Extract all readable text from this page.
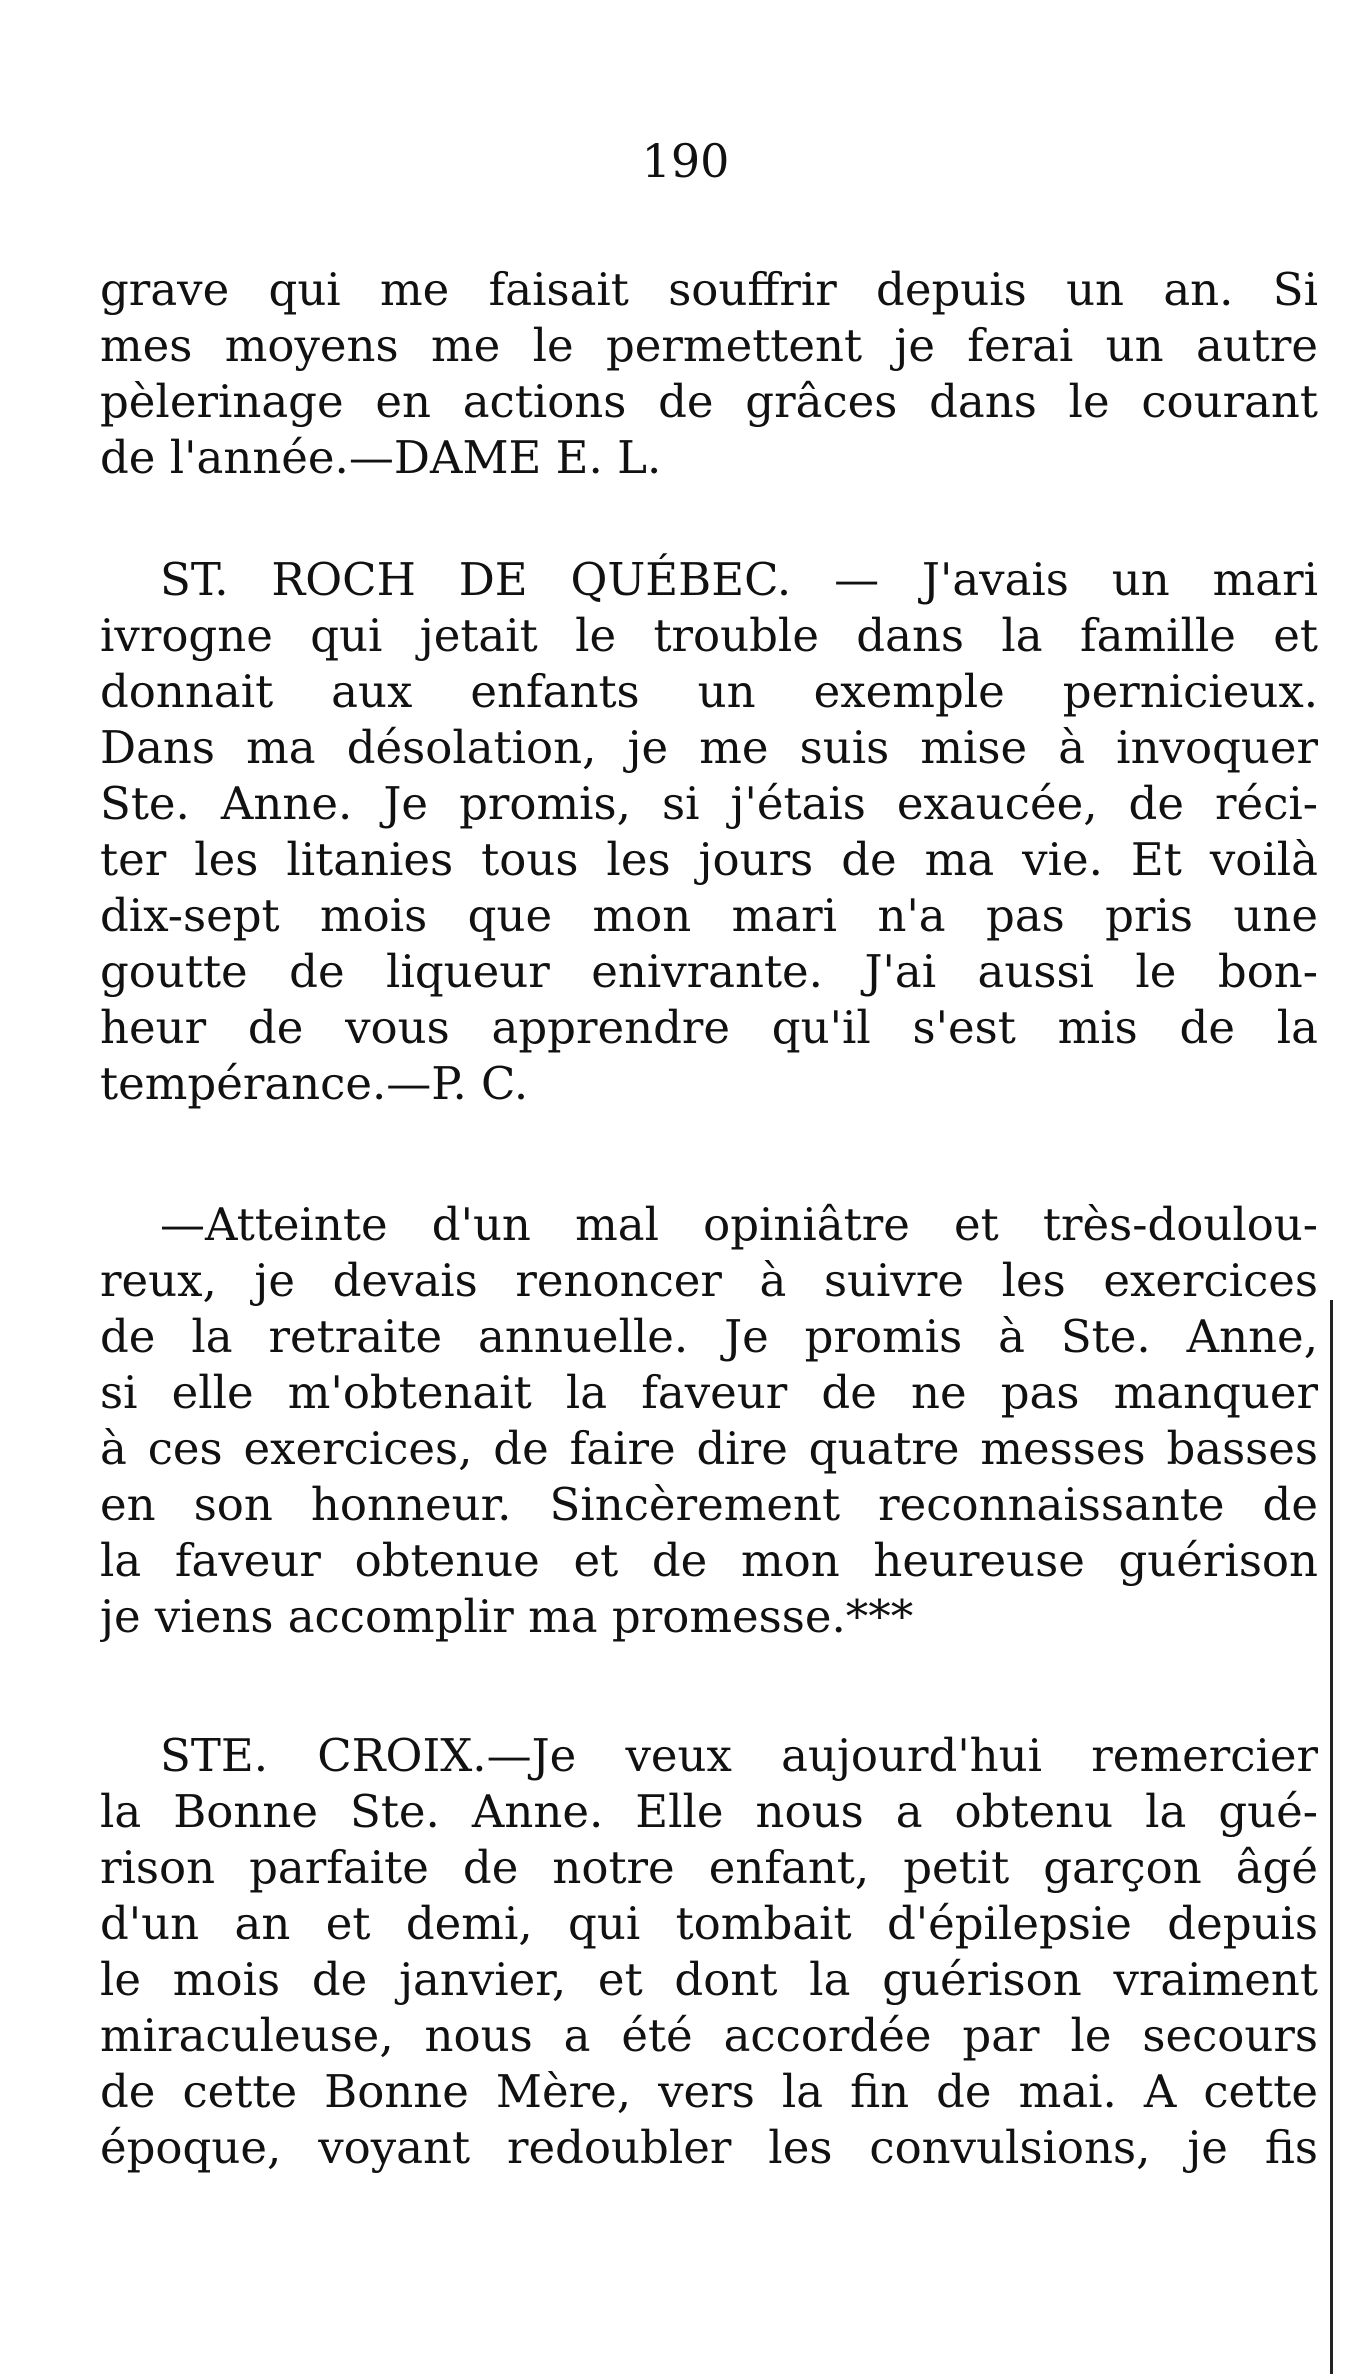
190
grave qui me faisait souffrir depuis un an. Si
mes moyens me le permettent je ferai un autre
pèlerinage en actions de grâces dans le courant
de l'année.—DAME E. L.
ST. ROCH DE QUÉBEC. — J'avais un mari
ivrogne qui jetait le trouble dans la famille et
donnait aux enfants un exemple pernicieux.
Dans ma désolation, je me suis mise à invoquer
Ste. Anne. Je promis, si j'étais exaucée, de réci-
ter les litanies tous les jours de ma vie. Et voilà
dix-sept mois que mon mari n'a pas pris une
goutte de liqueur enivrante. J'ai aussi le bon-
heur de vous apprendre qu'il s'est mis de la
tempérance.—P. C.
—Atteinte d'un mal opiniâtre et très-doulou-
reux, je devais renoncer à suivre les exercices
de la retraite annuelle. Je promis à Ste. Anne,
si elle m'obtenait la faveur de ne pas manquer
à ces exercices, de faire dire quatre messes basses
en son honneur. Sincèrement reconnaissante de
la faveur obtenue et de mon heureuse guérison
je viens accomplir ma promesse.***
STE. CROIX.—Je veux aujourd'hui remercier
la Bonne Ste. Anne. Elle nous a obtenu la gué-
rison parfaite de notre enfant, petit garçon âgé
d'un an et demi, qui tombait d'épilepsie depuis
le mois de janvier, et dont la guérison vraiment
miraculeuse, nous a été accordée par le secours
de cette Bonne Mère, vers la fin de mai. A cette
époque, voyant redoubler les convulsions, je fis
